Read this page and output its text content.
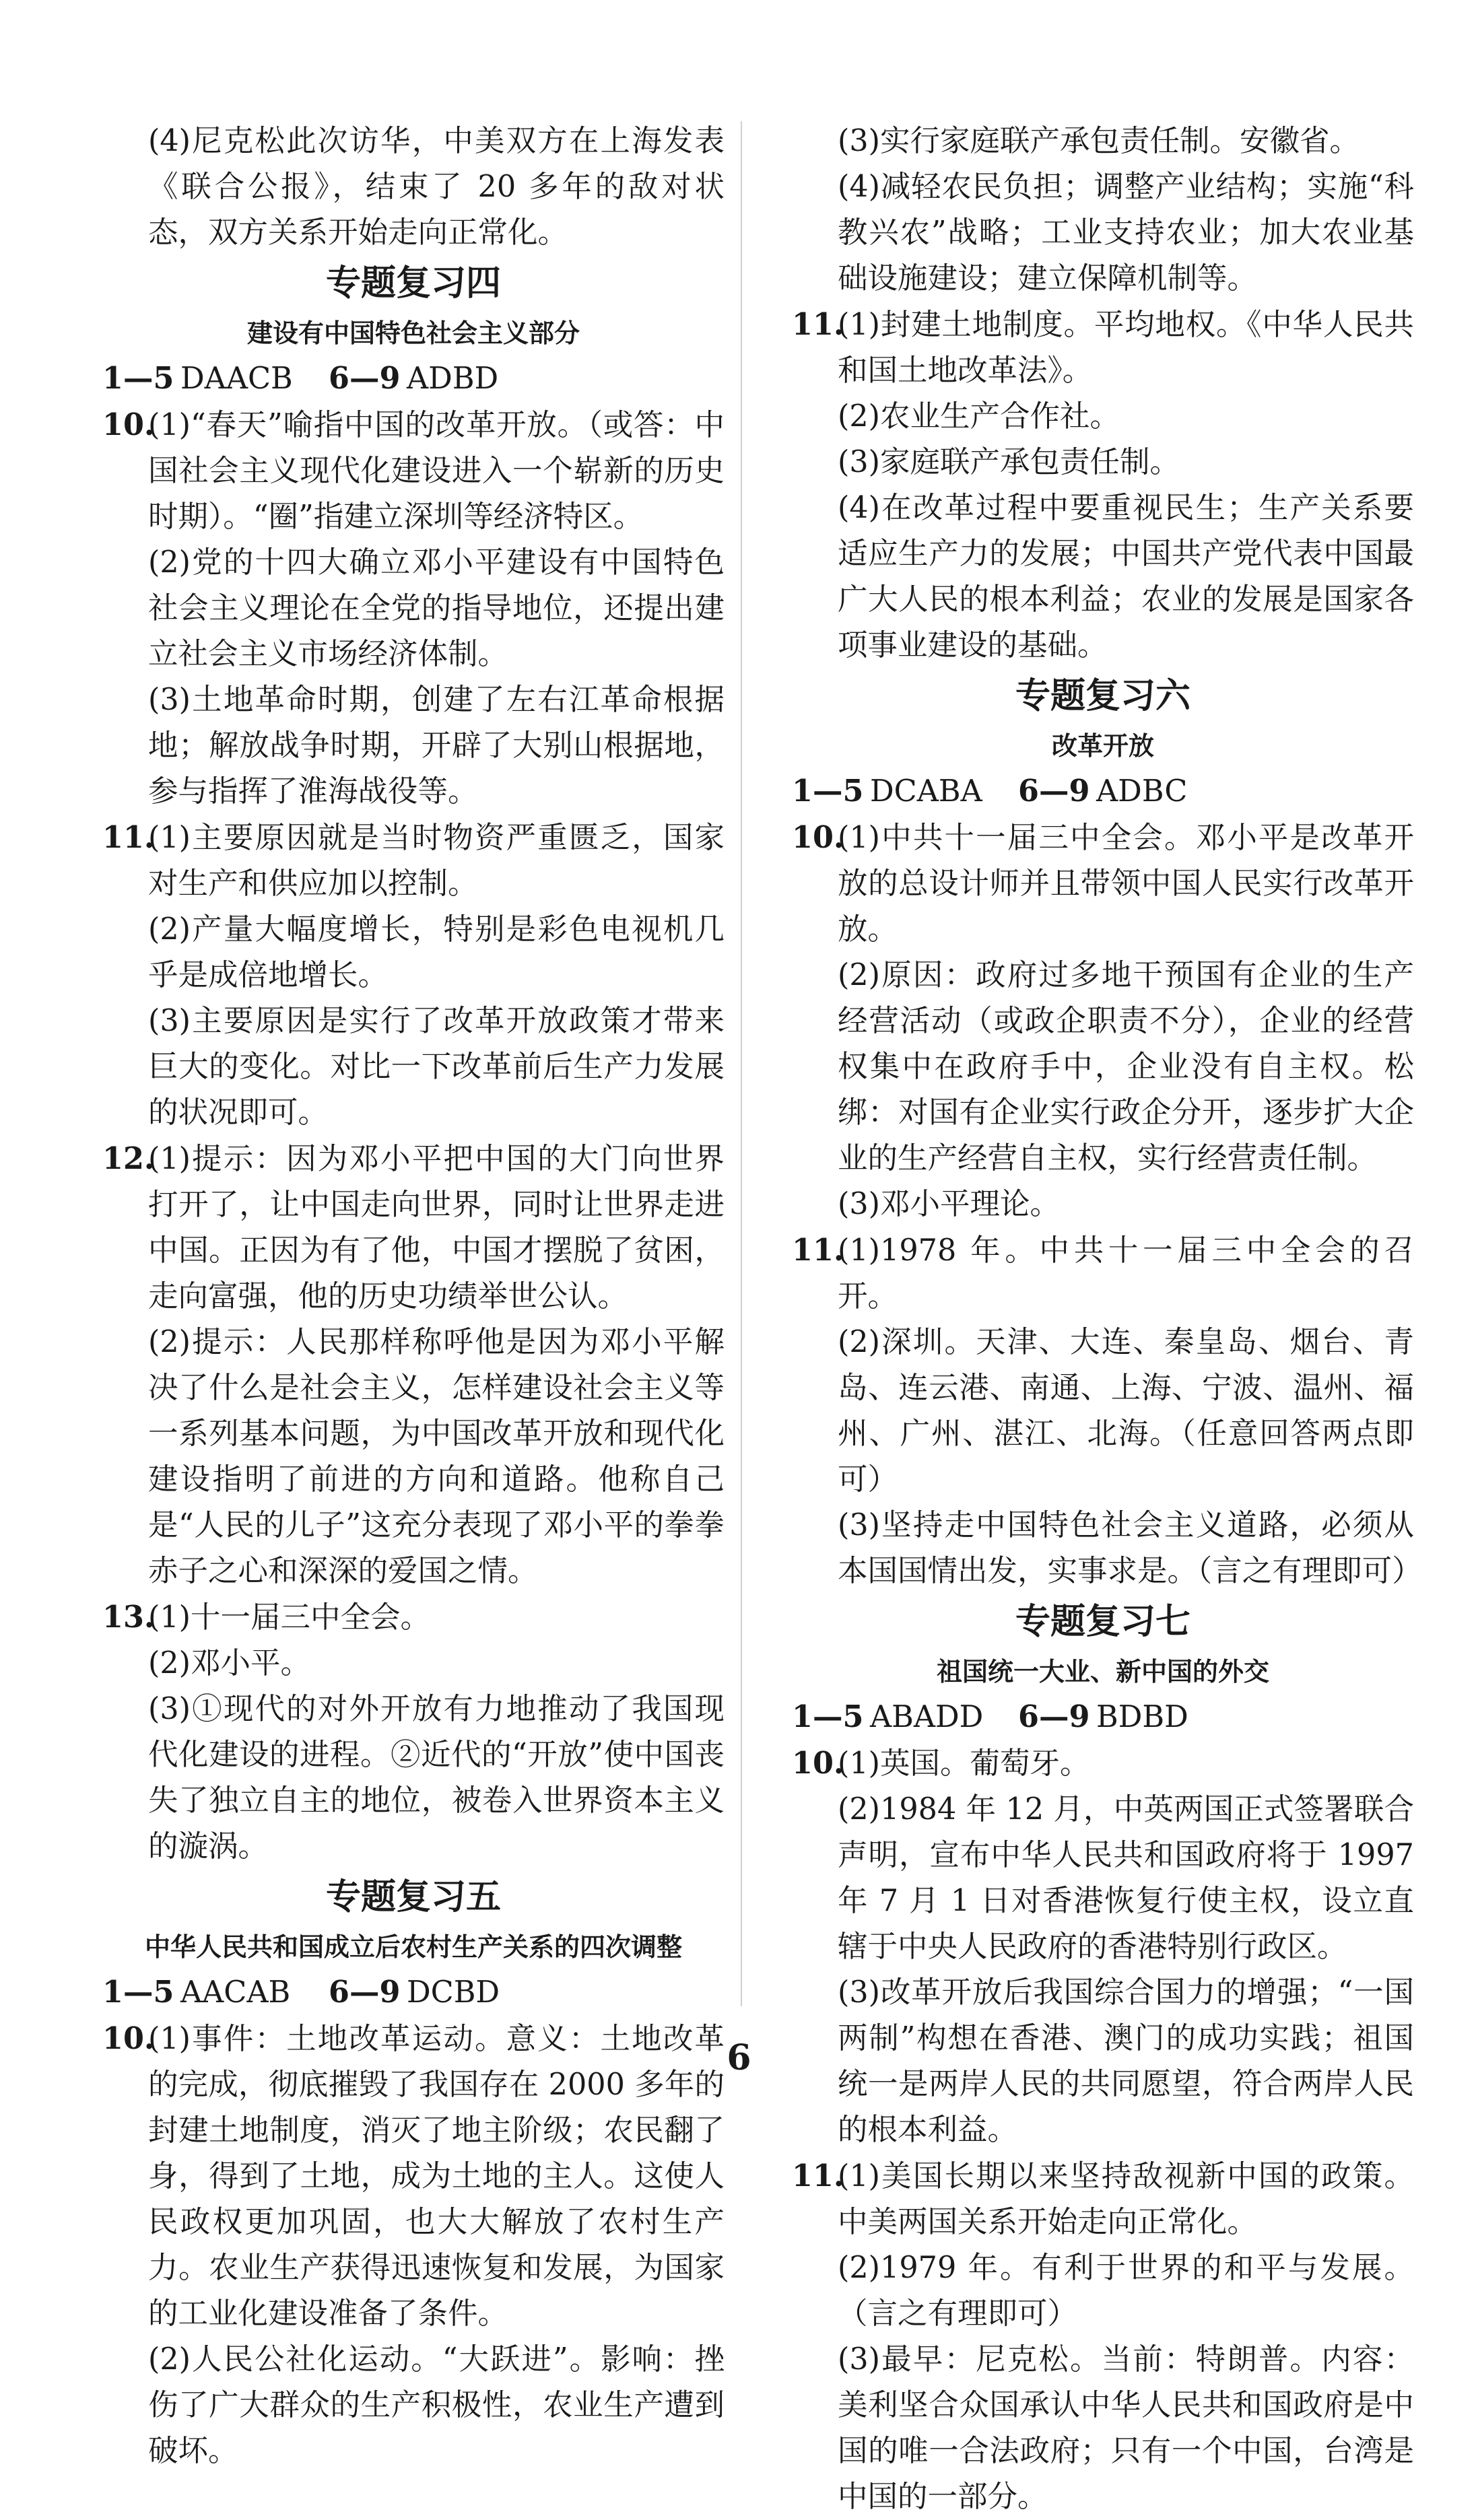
(4)尼克松此次访华，中美双方在上海发表《联合公报》，结束了 20 多年的敌对状态，双方关系开始走向正常化。

专题复习四
建设有中国特色社会主义部分

1—5 DAACB 6—9 ADBD

10.(1)“春天”喻指中国的改革开放。（或答：中国社会主义现代化建设进入一个崭新的历史时期）。“圈”指建立深圳等经济特区。

(2)党的十四大确立邓小平建设有中国特色社会主义理论在全党的指导地位，还提出建立社会主义市场经济体制。

(3)土地革命时期，创建了左右江革命根据地；解放战争时期，开辟了大别山根据地，参与指挥了淮海战役等。

11.(1)主要原因就是当时物资严重匮乏，国家对生产和供应加以控制。

(2)产量大幅度增长，特别是彩色电视机几乎是成倍地增长。

(3)主要原因是实行了改革开放政策才带来巨大的变化。对比一下改革前后生产力发展的状况即可。

12.(1)提示：因为邓小平把中国的大门向世界打开了，让中国走向世界，同时让世界走进中国。正因为有了他，中国才摆脱了贫困，走向富强，他的历史功绩举世公认。

(2)提示：人民那样称呼他是因为邓小平解决了什么是社会主义，怎样建设社会主义等一系列基本问题，为中国改革开放和现代化建设指明了前进的方向和道路。他称自己是“人民的儿子”这充分表现了邓小平的拳拳赤子之心和深深的爱国之情。

13.(1)十一届三中全会。

(2)邓小平。

(3)①现代的对外开放有力地推动了我国现代化建设的进程。②近代的“开放”使中国丧失了独立自主的地位，被卷入世界资本主义的漩涡。

专题复习五
中华人民共和国成立后农村生产关系的四次调整

1—5 AACAB 6—9 DCBD

10.(1)事件：土地改革运动。意义：土地改革的完成，彻底摧毁了我国存在 2000 多年的封建土地制度，消灭了地主阶级；农民翻了身，得到了土地，成为土地的主人。这使人民政权更加巩固，也大大解放了农村生产力。农业生产获得迅速恢复和发展，为国家的工业化建设准备了条件。

(2)人民公社化运动。“大跃进”。影响：挫伤了广大群众的生产积极性，农业生产遭到破坏。

(3)实行家庭联产承包责任制。安徽省。

(4)减轻农民负担；调整产业结构；实施“科教兴农”战略；工业支持农业；加大农业基础设施建设；建立保障机制等。

11.(1)封建土地制度。平均地权。《中华人民共和国土地改革法》。

(2)农业生产合作社。

(3)家庭联产承包责任制。

(4)在改革过程中要重视民生；生产关系要适应生产力的发展；中国共产党代表中国最广大人民的根本利益；农业的发展是国家各项事业建设的基础。

专题复习六
改革开放

1—5 DCABA 6—9 ADBC

10.(1)中共十一届三中全会。邓小平是改革开放的总设计师并且带领中国人民实行改革开放。

(2)原因：政府过多地干预国有企业的生产经营活动（或政企职责不分），企业的经营权集中在政府手中，企业没有自主权。松绑：对国有企业实行政企分开，逐步扩大企业的生产经营自主权，实行经营责任制。

(3)邓小平理论。

11.(1)1978 年。中共十一届三中全会的召开。

(2)深圳。天津、大连、秦皇岛、烟台、青岛、连云港、南通、上海、宁波、温州、福州、广州、湛江、北海。（任意回答两点即可）

(3)坚持走中国特色社会主义道路，必须从本国国情出发，实事求是。（言之有理即可）

专题复习七
祖国统一大业、新中国的外交

1—5 ABADD 6—9 BDBD

10.(1)英国。葡萄牙。

(2)1984 年 12 月，中英两国正式签署联合声明，宣布中华人民共和国政府将于 1997 年 7 月 1 日对香港恢复行使主权，设立直辖于中央人民政府的香港特别行政区。

(3)改革开放后我国综合国力的增强；“一国两制”构想在香港、澳门的成功实践；祖国统一是两岸人民的共同愿望，符合两岸人民的根本利益。

11.(1)美国长期以来坚持敌视新中国的政策。中美两国关系开始走向正常化。

(2)1979 年。有利于世界的和平与发展。（言之有理即可）

(3)最早：尼克松。当前：特朗普。内容：美利坚合众国承认中华人民共和国政府是中国的唯一合法政府；只有一个中国，台湾是中国的一部分。

6
